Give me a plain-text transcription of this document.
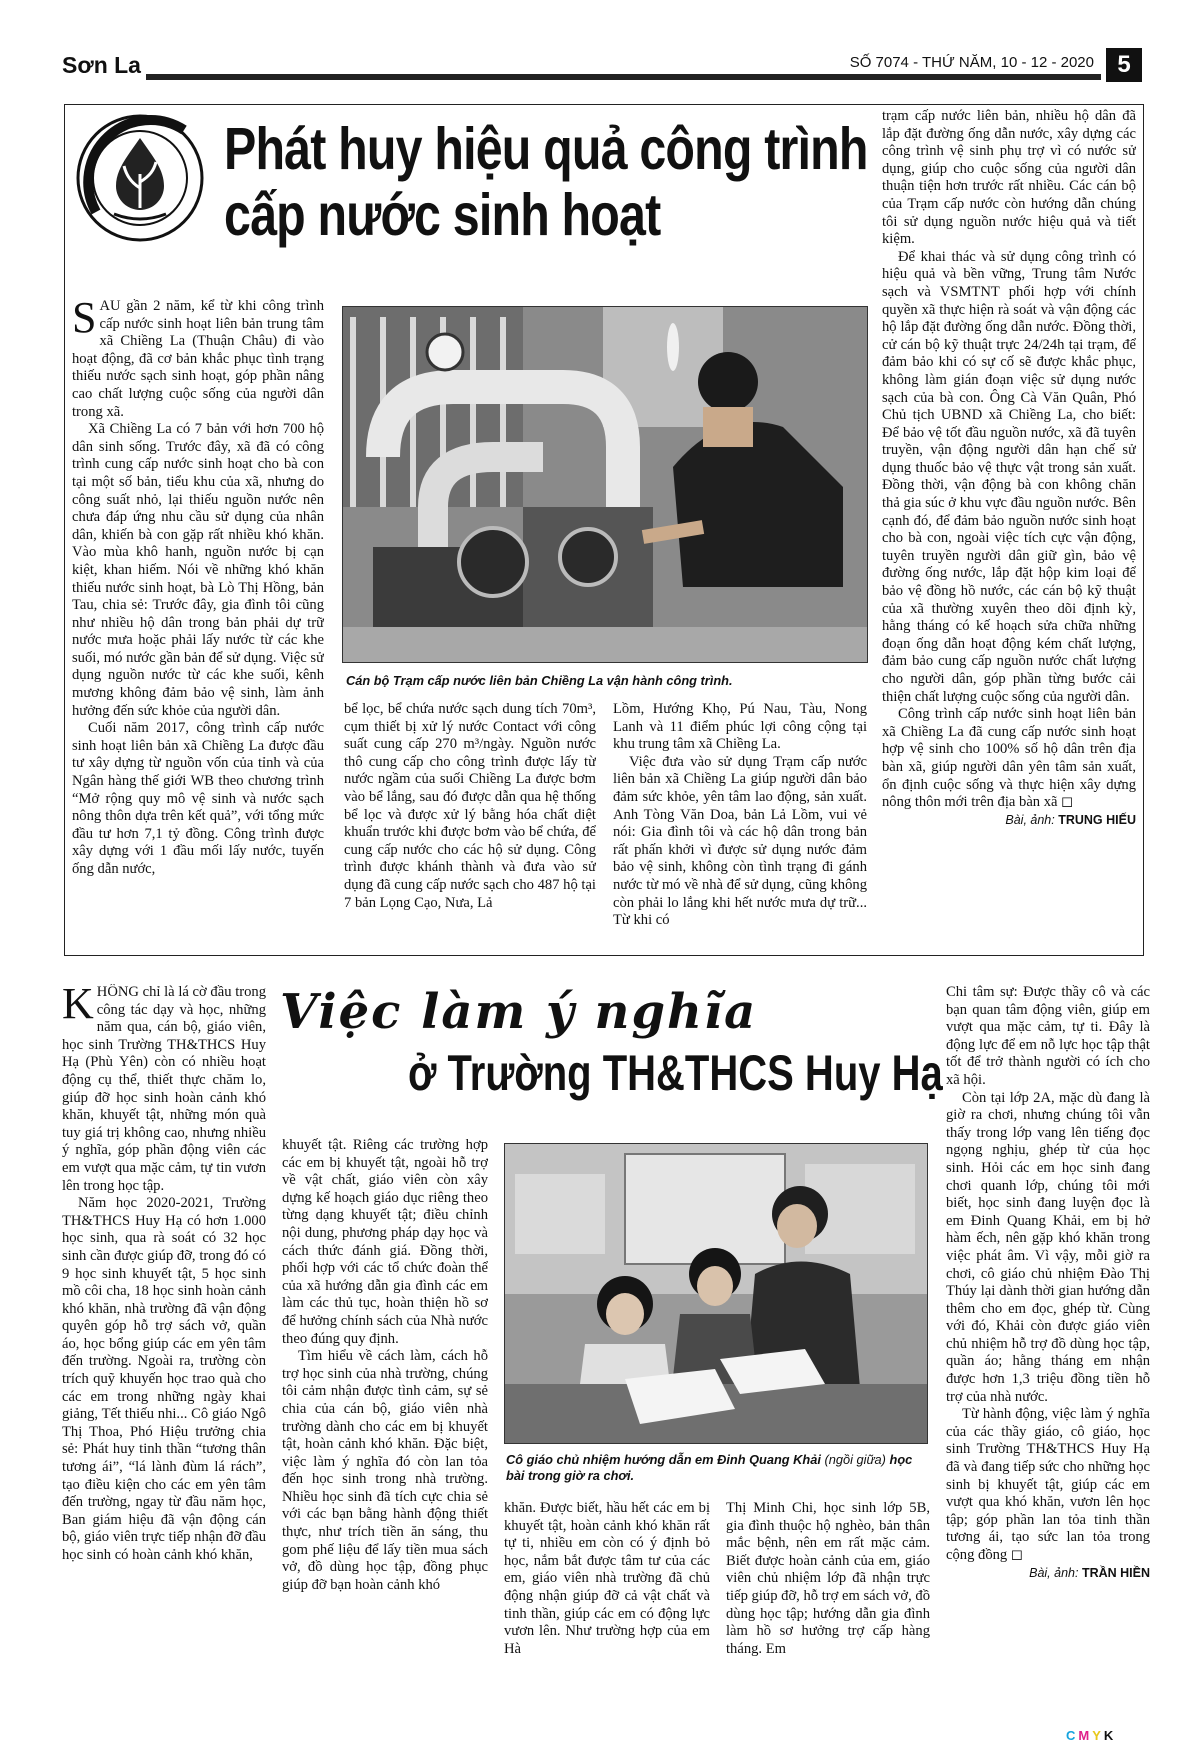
Sơn La	SỐ 7074 - THỨ NĂM, 10 - 12 - 2020 5
Phát huy hiệu quả công trình
cấp nước sinh hoạt

SAU gần 2 năm, kể từ khi công trình cấp nước sinh hoạt liên bản trung tâm xã Chiềng La (Thuận Châu) đi vào hoạt động, đã cơ bản khắc phục tình trạng thiếu nước sạch sinh hoạt, góp phần nâng cao chất lượng cuộc sống của người dân trong xã.

Xã Chiềng La có 7 bản với hơn 700 hộ dân sinh sống. Trước đây, xã đã có công trình cung cấp nước sinh hoạt cho bà con tại một số bản, tiểu khu của xã, nhưng do công suất nhỏ, lại thiếu nguồn nước nên chưa đáp ứng nhu cầu sử dụng của nhân dân, khiến bà con gặp rất nhiều khó khăn. Vào mùa khô hanh, nguồn nước bị cạn kiệt, khan hiếm. Nói về những khó khăn thiếu nước sinh hoạt, bà Lò Thị Hồng, bản Tau, chia sẻ: Trước đây, gia đình tôi cũng như nhiều hộ dân trong bản phải dự trữ nước mưa hoặc phải lấy nước từ các khe suối, mó nước gần bản để sử dụng. Việc sử dụng nguồn nước từ các khe suối, kênh mương không đảm bảo vệ sinh, làm ảnh hưởng đến sức khỏe của người dân.

Cuối năm 2017, công trình cấp nước sinh hoạt liên bản xã Chiềng La được đầu tư xây dựng từ nguồn vốn của tỉnh và của Ngân hàng thế giới WB theo chương trình “Mở rộng quy mô vệ sinh và nước sạch nông thôn dựa trên kết quả”, với tổng mức đầu tư hơn 7,1 tỷ đồng. Công trình được xây dựng với 1 đầu mối lấy nước, tuyến ống dẫn nước,

Cán bộ Trạm cấp nước liên bản Chiềng La vận hành công trình.

bể lọc, bể chứa nước sạch dung tích 70m³, cụm thiết bị xử lý nước Contact với công suất cung cấp 270 m³/ngày. Nguồn nước thô cung cấp cho công trình được lấy từ nước ngầm của suối Chiềng La được bơm vào bể lắng, sau đó được dẫn qua hệ thống bể lọc và được xử lý bằng hóa chất diệt khuẩn trước khi được bơm vào bể chứa, để cung cấp nước cho các hộ sử dụng. Công trình được khánh thành và đưa vào sử dụng đã cung cấp nước sạch cho 487 hộ tại 7 bản Lọng Cạo, Nưa, Lả

Lồm, Hướng Khọ, Pú Nau, Tàu, Nong Lanh và 11 điểm phúc lợi công cộng tại khu trung tâm xã Chiềng La.

Việc đưa vào sử dụng Trạm cấp nước liên bản xã Chiềng La giúp người dân bảo đảm sức khỏe, yên tâm lao động, sản xuất. Anh Tòng Văn Doa, bản Lả Lồm, vui vẻ nói: Gia đình tôi và các hộ dân trong bản rất phấn khởi vì được sử dụng nước đảm bảo vệ sinh, không còn tình trạng đi gánh nước từ mó về nhà để sử dụng, cũng không còn phải lo lắng khi hết nước mưa dự trữ... Từ khi có

trạm cấp nước liên bản, nhiều hộ dân đã lắp đặt đường ống dẫn nước, xây dựng các công trình vệ sinh phụ trợ vì có nước sử dụng, giúp cho cuộc sống của người dân thuận tiện hơn trước rất nhiều. Các cán bộ của Trạm cấp nước còn hướng dẫn chúng tôi sử dụng nguồn nước hiệu quả và tiết kiệm.

Để khai thác và sử dụng công trình có hiệu quả và bền vững, Trung tâm Nước sạch và VSMTNT phối hợp với chính quyền xã thực hiện rà soát và vận động các hộ lắp đặt đường ống dẫn nước. Đồng thời, cử cán bộ kỹ thuật trực 24/24h tại trạm, để đảm bảo khi có sự cố sẽ được khắc phục, không làm gián đoạn việc sử dụng nước sạch của bà con. Ông Cà Văn Quân, Phó Chủ tịch UBND xã Chiềng La, cho biết: Để bảo vệ tốt đầu nguồn nước, xã đã tuyên truyền, vận động người dân hạn chế sử dụng thuốc bảo vệ thực vật trong sản xuất. Đồng thời, vận động bà con không chăn thả gia súc ở khu vực đầu nguồn nước. Bên cạnh đó, để đảm bảo nguồn nước sinh hoạt cho bà con, ngoài việc tích cực vận động, tuyên truyền người dân giữ gìn, bảo vệ đường ống nước, lắp đặt hộp kim loại để bảo vệ đồng hồ nước, các cán bộ kỹ thuật của xã thường xuyên theo dõi định kỳ, hằng tháng có kế hoạch sửa chữa những đoạn ống dẫn hoạt động kém chất lượng, đảm bảo cung cấp nguồn nước chất lượng cho người dân, góp phần từng bước cải thiện chất lượng cuộc sống của người dân.

Công trình cấp nước sinh hoạt liên bản xã Chiềng La đã cung cấp nước sinh hoạt hợp vệ sinh cho 100% số hộ dân trên địa bàn xã, giúp người dân yên tâm sản xuất, ổn định cuộc sống và thực hiện xây dựng nông thôn mới trên địa bàn xã ◻

Bài, ảnh: TRUNG HIẾU
Việc làm ý nghĩa
ở Trường TH&THCS Huy Hạ

KHÔNG chỉ là lá cờ đầu trong công tác dạy và học, những năm qua, cán bộ, giáo viên, học sinh Trường TH&THCS Huy Hạ (Phù Yên) còn có nhiều hoạt động cụ thể, thiết thực chăm lo, giúp đỡ học sinh hoàn cảnh khó khăn, khuyết tật, những món quà tuy giá trị không cao, nhưng nhiều ý nghĩa, góp phần động viên các em vượt qua mặc cảm, tự tin vươn lên trong học tập.

Năm học 2020-2021, Trường TH&THCS Huy Hạ có hơn 1.000 học sinh, qua rà soát có 32 học sinh cần được giúp đỡ, trong đó có 9 học sinh khuyết tật, 5 học sinh mồ côi cha, 18 học sinh hoàn cảnh khó khăn, nhà trường đã vận động quyên góp hỗ trợ sách vở, quần áo, học bổng giúp các em yên tâm đến trường. Ngoài ra, trường còn trích quỹ khuyến học trao quà cho các em trong những ngày khai giảng, Tết thiếu nhi... Cô giáo Ngô Thị Thoa, Phó Hiệu trưởng chia sẻ: Phát huy tinh thần “tương thân tương ái”, “lá lành đùm lá rách”, tạo điều kiện cho các em yên tâm đến trường, ngay từ đầu năm học, Ban giám hiệu đã vận động cán bộ, giáo viên trực tiếp nhận đỡ đầu học sinh có hoàn cảnh khó khăn,

khuyết tật. Riêng các trường hợp các em bị khuyết tật, ngoài hỗ trợ về vật chất, giáo viên còn xây dựng kế hoạch giáo dục riêng theo từng dạng khuyết tật; điều chỉnh nội dung, phương pháp dạy học và cách thức đánh giá. Đồng thời, phối hợp với các tổ chức đoàn thể của xã hướng dẫn gia đình các em làm các thủ tục, hoàn thiện hồ sơ để hưởng chính sách của Nhà nước theo đúng quy định.

Tìm hiểu về cách làm, cách hỗ trợ học sinh của nhà trường, chúng tôi cảm nhận được tình cảm, sự sẻ chia của cán bộ, giáo viên nhà trường dành cho các em bị khuyết tật, hoàn cảnh khó khăn. Đặc biệt, việc làm ý nghĩa đó còn lan tỏa đến học sinh trong nhà trường. Nhiều học sinh đã tích cực chia sẻ với các bạn bằng hành động thiết thực, như trích tiền ăn sáng, thu gom phế liệu để lấy tiền mua sách vở, đồ dùng học tập, đồng phục giúp đỡ bạn hoàn cảnh khó

Cô giáo chủ nhiệm hướng dẫn em Đinh Quang Khải (ngồi giữa) học bài trong giờ ra chơi.

khăn. Được biết, hầu hết các em bị khuyết tật, hoàn cảnh khó khăn rất tự ti, nhiều em còn có ý định bỏ học, nắm bắt được tâm tư của các em, giáo viên nhà trường đã chủ động nhận giúp đỡ cả vật chất và tinh thần, giúp các em có động lực vươn lên. Như trường hợp của em Hà

Thị Minh Chi, học sinh lớp 5B, gia đình thuộc hộ nghèo, bản thân mắc bệnh, nên em rất mặc cảm. Biết được hoàn cảnh của em, giáo viên chủ nhiệm lớp đã nhận trực tiếp giúp đỡ, hỗ trợ em sách vở, đồ dùng học tập; hướng dẫn gia đình làm hồ sơ hưởng trợ cấp hàng tháng. Em

Chi tâm sự: Được thầy cô và các bạn quan tâm động viên, giúp em vượt qua mặc cảm, tự ti. Đây là động lực để em nỗ lực học tập thật tốt để trở thành người có ích cho xã hội.

Còn tại lớp 2A, mặc dù đang là giờ ra chơi, nhưng chúng tôi vẫn thấy trong lớp vang lên tiếng đọc ngọng nghịu, ghép từ của học sinh. Hỏi các em học sinh đang chơi quanh lớp, chúng tôi mới biết, học sinh đang luyện đọc là em Đinh Quang Khải, em bị hở hàm ếch, nên gặp khó khăn trong việc phát âm. Vì vậy, mỗi giờ ra chơi, cô giáo chủ nhiệm Đào Thị Thúy lại dành thời gian hướng dẫn thêm cho em đọc, ghép từ. Cùng với đó, Khải còn được giáo viên chủ nhiệm hỗ trợ đồ dùng học tập, quần áo; hằng tháng em nhận được hơn 1,3 triệu đồng tiền hỗ trợ của nhà nước.

Từ hành động, việc làm ý nghĩa của các thầy giáo, cô giáo, học sinh Trường TH&THCS Huy Hạ đã và đang tiếp sức cho những học sinh bị khuyết tật, giúp các em vượt qua khó khăn, vươn lên học tập; góp phần lan tỏa tinh thần tương ái, tạo sức lan tỏa trong cộng đồng ◻

Bài, ảnh: TRẦN HIỀN
CMYK
